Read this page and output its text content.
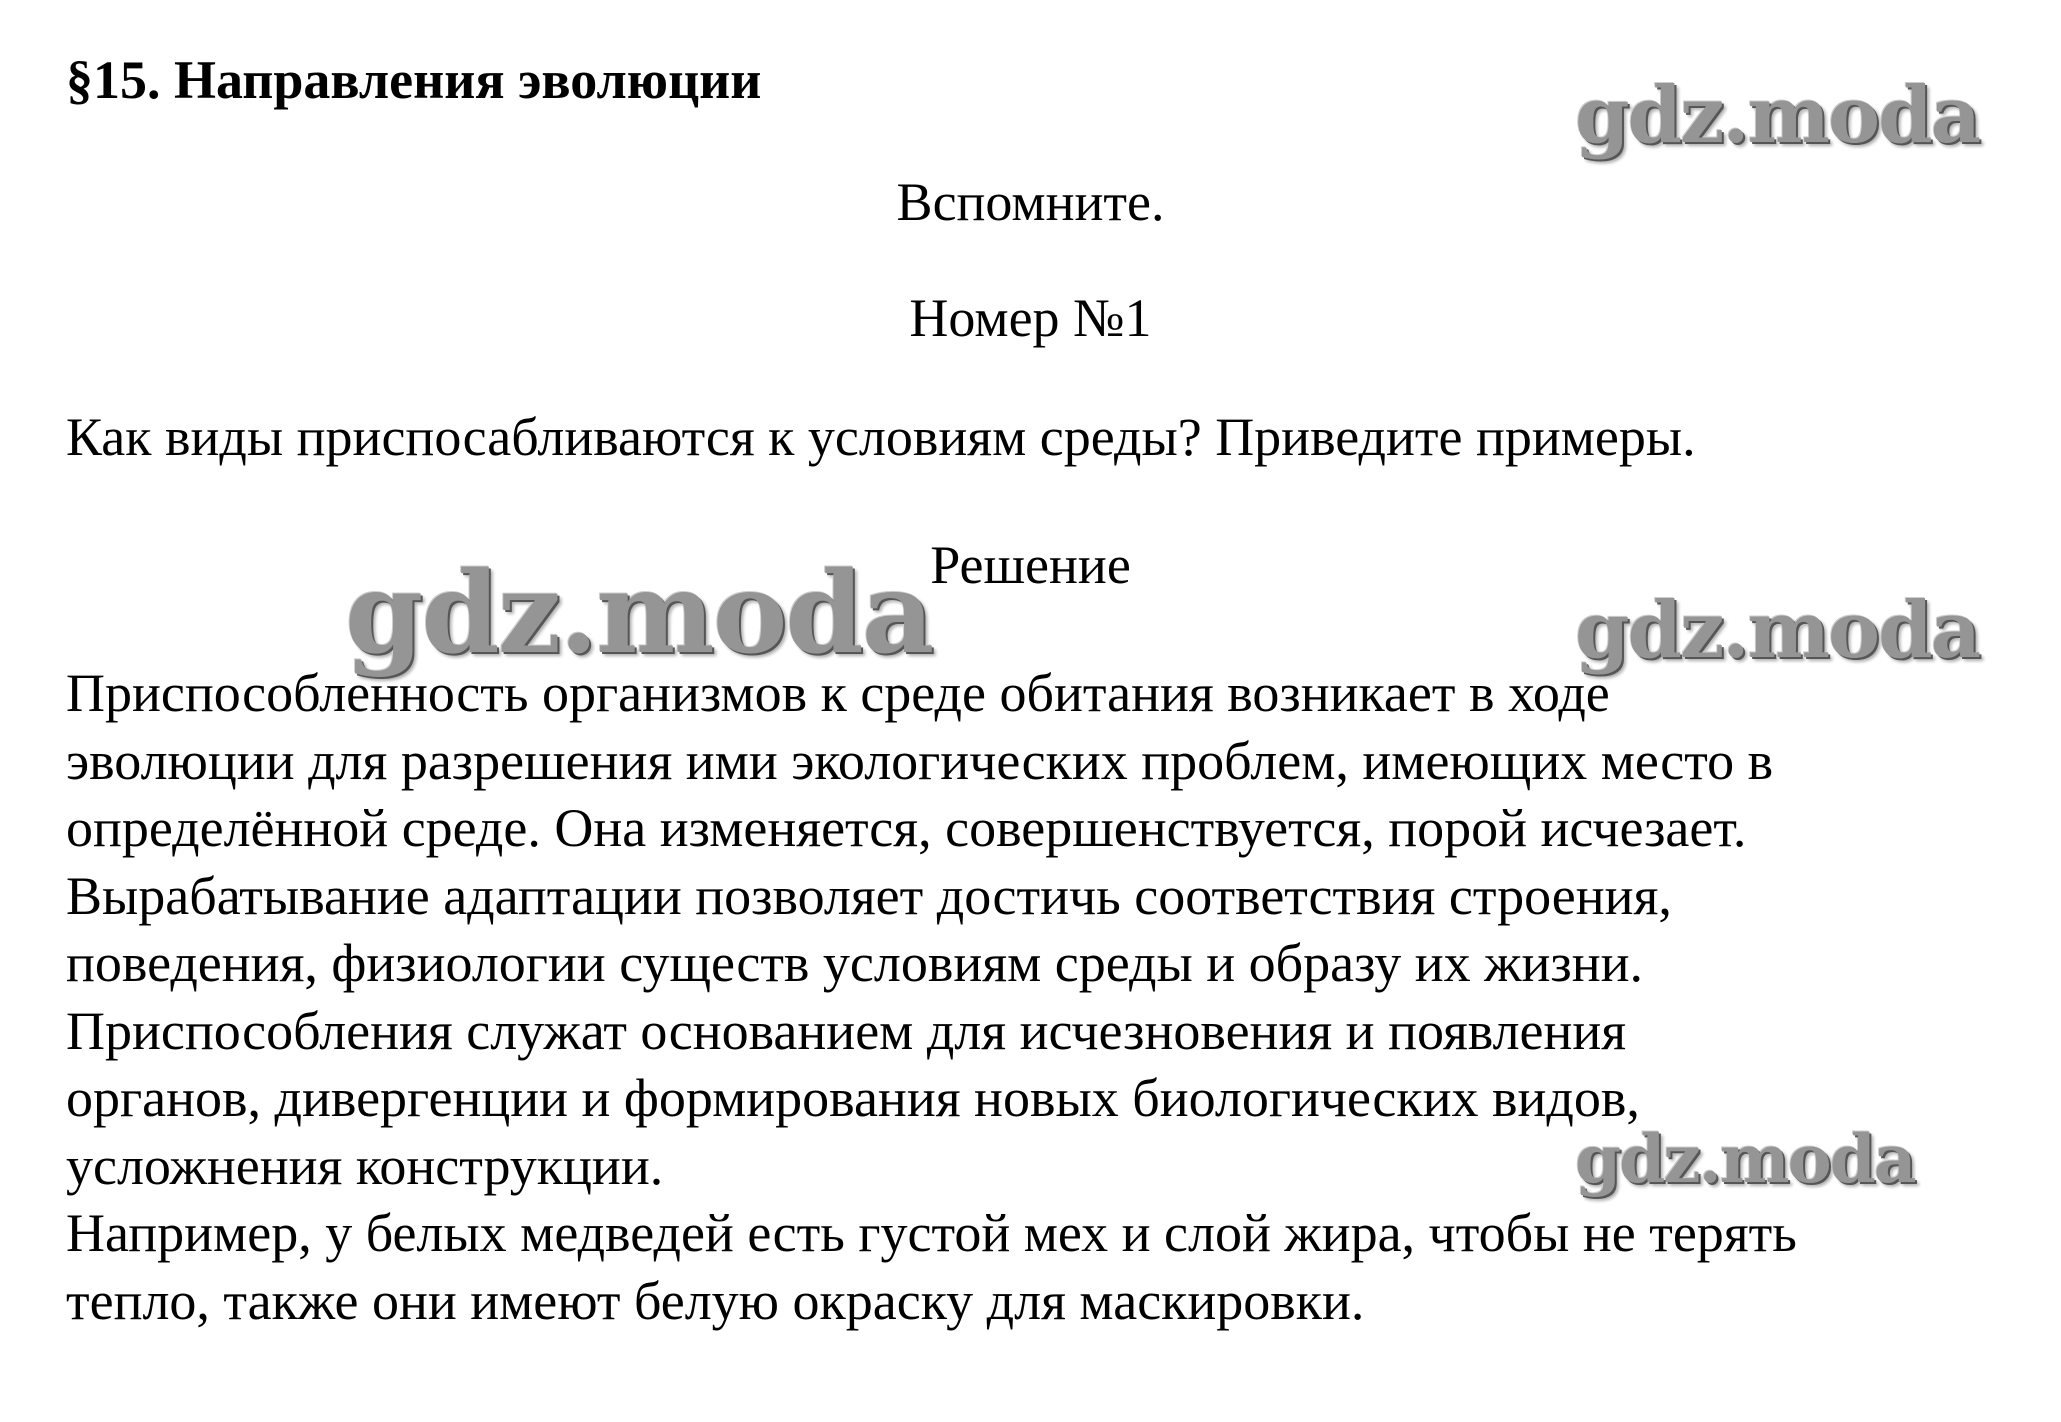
§15. Направления эволюции
Вспомните.
Номер №1
Как виды приспосабливаются к условиям среды? Приведите примеры.
Решение
Приспособленность организмов к среде обитания возникает в ходе
эволюции для разрешения ими экологических проблем, имеющих место в
определённой среде. Она изменяется, совершенствуется, порой исчезает.
Вырабатывание адаптации позволяет достичь соответствия строения,
поведения, физиологии существ условиям среды и образу их жизни.
Приспособления служат основанием для исчезновения и появления
органов, дивергенции и формирования новых биологических видов,
усложнения конструкции.
Например, у белых медведей есть густой мех и слой жира, чтобы не терять
тепло, также они имеют белую окраску для маскировки.
gdz.moda
gdz.moda	gdz.moda
gdz.moda
